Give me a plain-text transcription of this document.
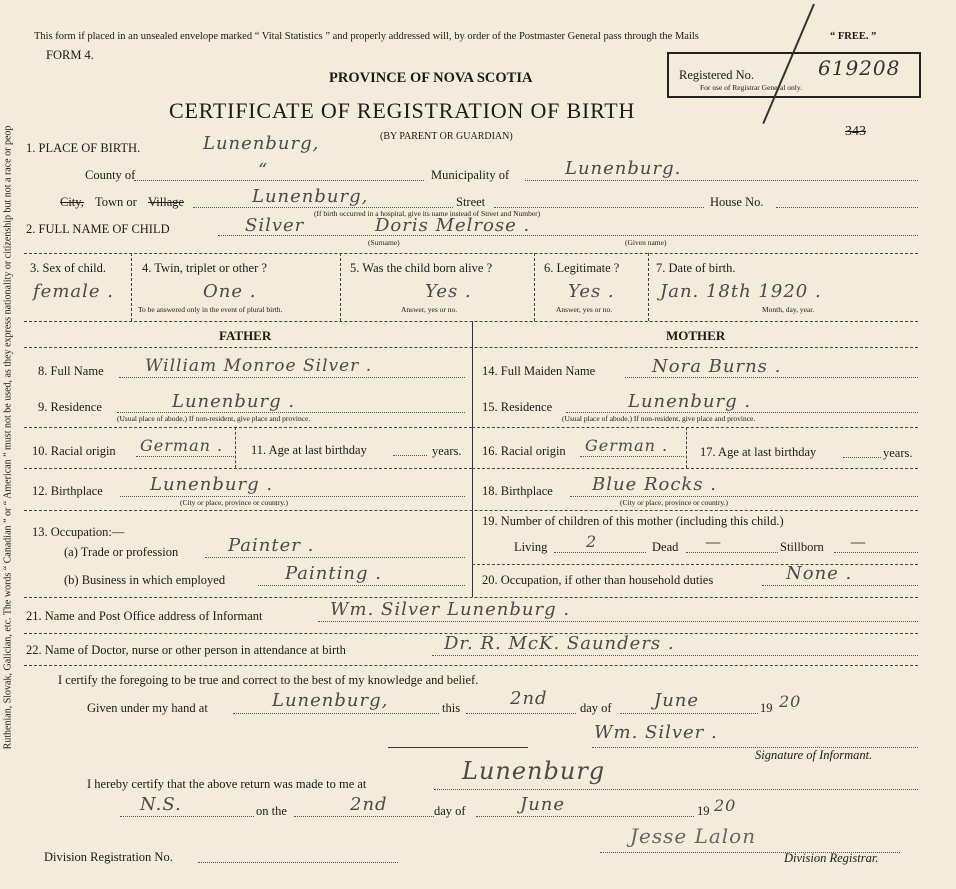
Ruthenian, Slovak, Galician, etc. The words “ Canadian ” or “ American ” must not be used, as they express nationality or citizenship but not a race or peop
This form if placed in an unsealed envelope marked “ Vital Statistics ” and properly addressed will, by order of the Postmaster General pass through the Mails	“ FREE. ”
FORM 4.
PROVINCE OF NOVA SCOTIA
CERTIFICATE OF REGISTRATION OF BIRTH
(BY PARENT OR GUARDIAN)
Registered No.	619208
For use of Registrar General only.
343
1. PLACE OF BIRTH.	Lunenburg,
County of	“	Municipality of	Lunenburg.
City, Town or Village	Lunenburg,	Street	House No.
(If birth occurred in a hospital, give its name instead of Street and Number)
2. FULL NAME OF CHILD	Silver	Doris Melrose .
(Surname)	(Given name)
3. Sex of child.
female .
4. Twin, triplet or other ?
One .
To be answered only in the event of plural birth.
5. Was the child born alive ?
Yes .
Answer, yes or no.
6. Legitimate ?
Yes .
Answer, yes or no.
7. Date of birth.
Jan. 18th 1920 .
Month, day, year.
FATHER	MOTHER
8. Full Name William Monroe Silver .
9. Residence	Lunenburg .
(Usual place of abode.) If non-resident, give place and province.
10. Racial origin German . 11. Age at last birthday	years.
12. Birthplace	Lunenburg .
(City or place, province or country.)
13. Occupation:—
(a) Trade or profession	Painter .
(b) Business in which employed	Painting .
14. Full Maiden Name	Nora Burns .
15. Residence	Lunenburg .
(Usual place of abode.) If non-resident, give place and province.
16. Racial origin German .	17. Age at last birthday	years.
18. Birthplace Blue Rocks .
(City or place, province or country.)
19. Number of children of this mother (including this child.)
Living 2	Dead —	Stillborn —
20. Occupation, if other than household duties	None .
21. Name and Post Office address of Informant	Wm. Silver Lunenburg .
22. Name of Doctor, nurse or other person in attendance at birth	Dr. R. McK. Saunders .
I certify the foregoing to be true and correct to the best of my knowledge and belief.
Given under my hand at	Lunenburg,	this	2nd	day of June	19 20
Wm. Silver .
Signature of Informant.
I hereby certify that the above return was made to me at	Lunenburg
N.S.	on the	2nd	day of	June	19 20
Division Registration No.
Jesse Lalon
Division Registrar.
